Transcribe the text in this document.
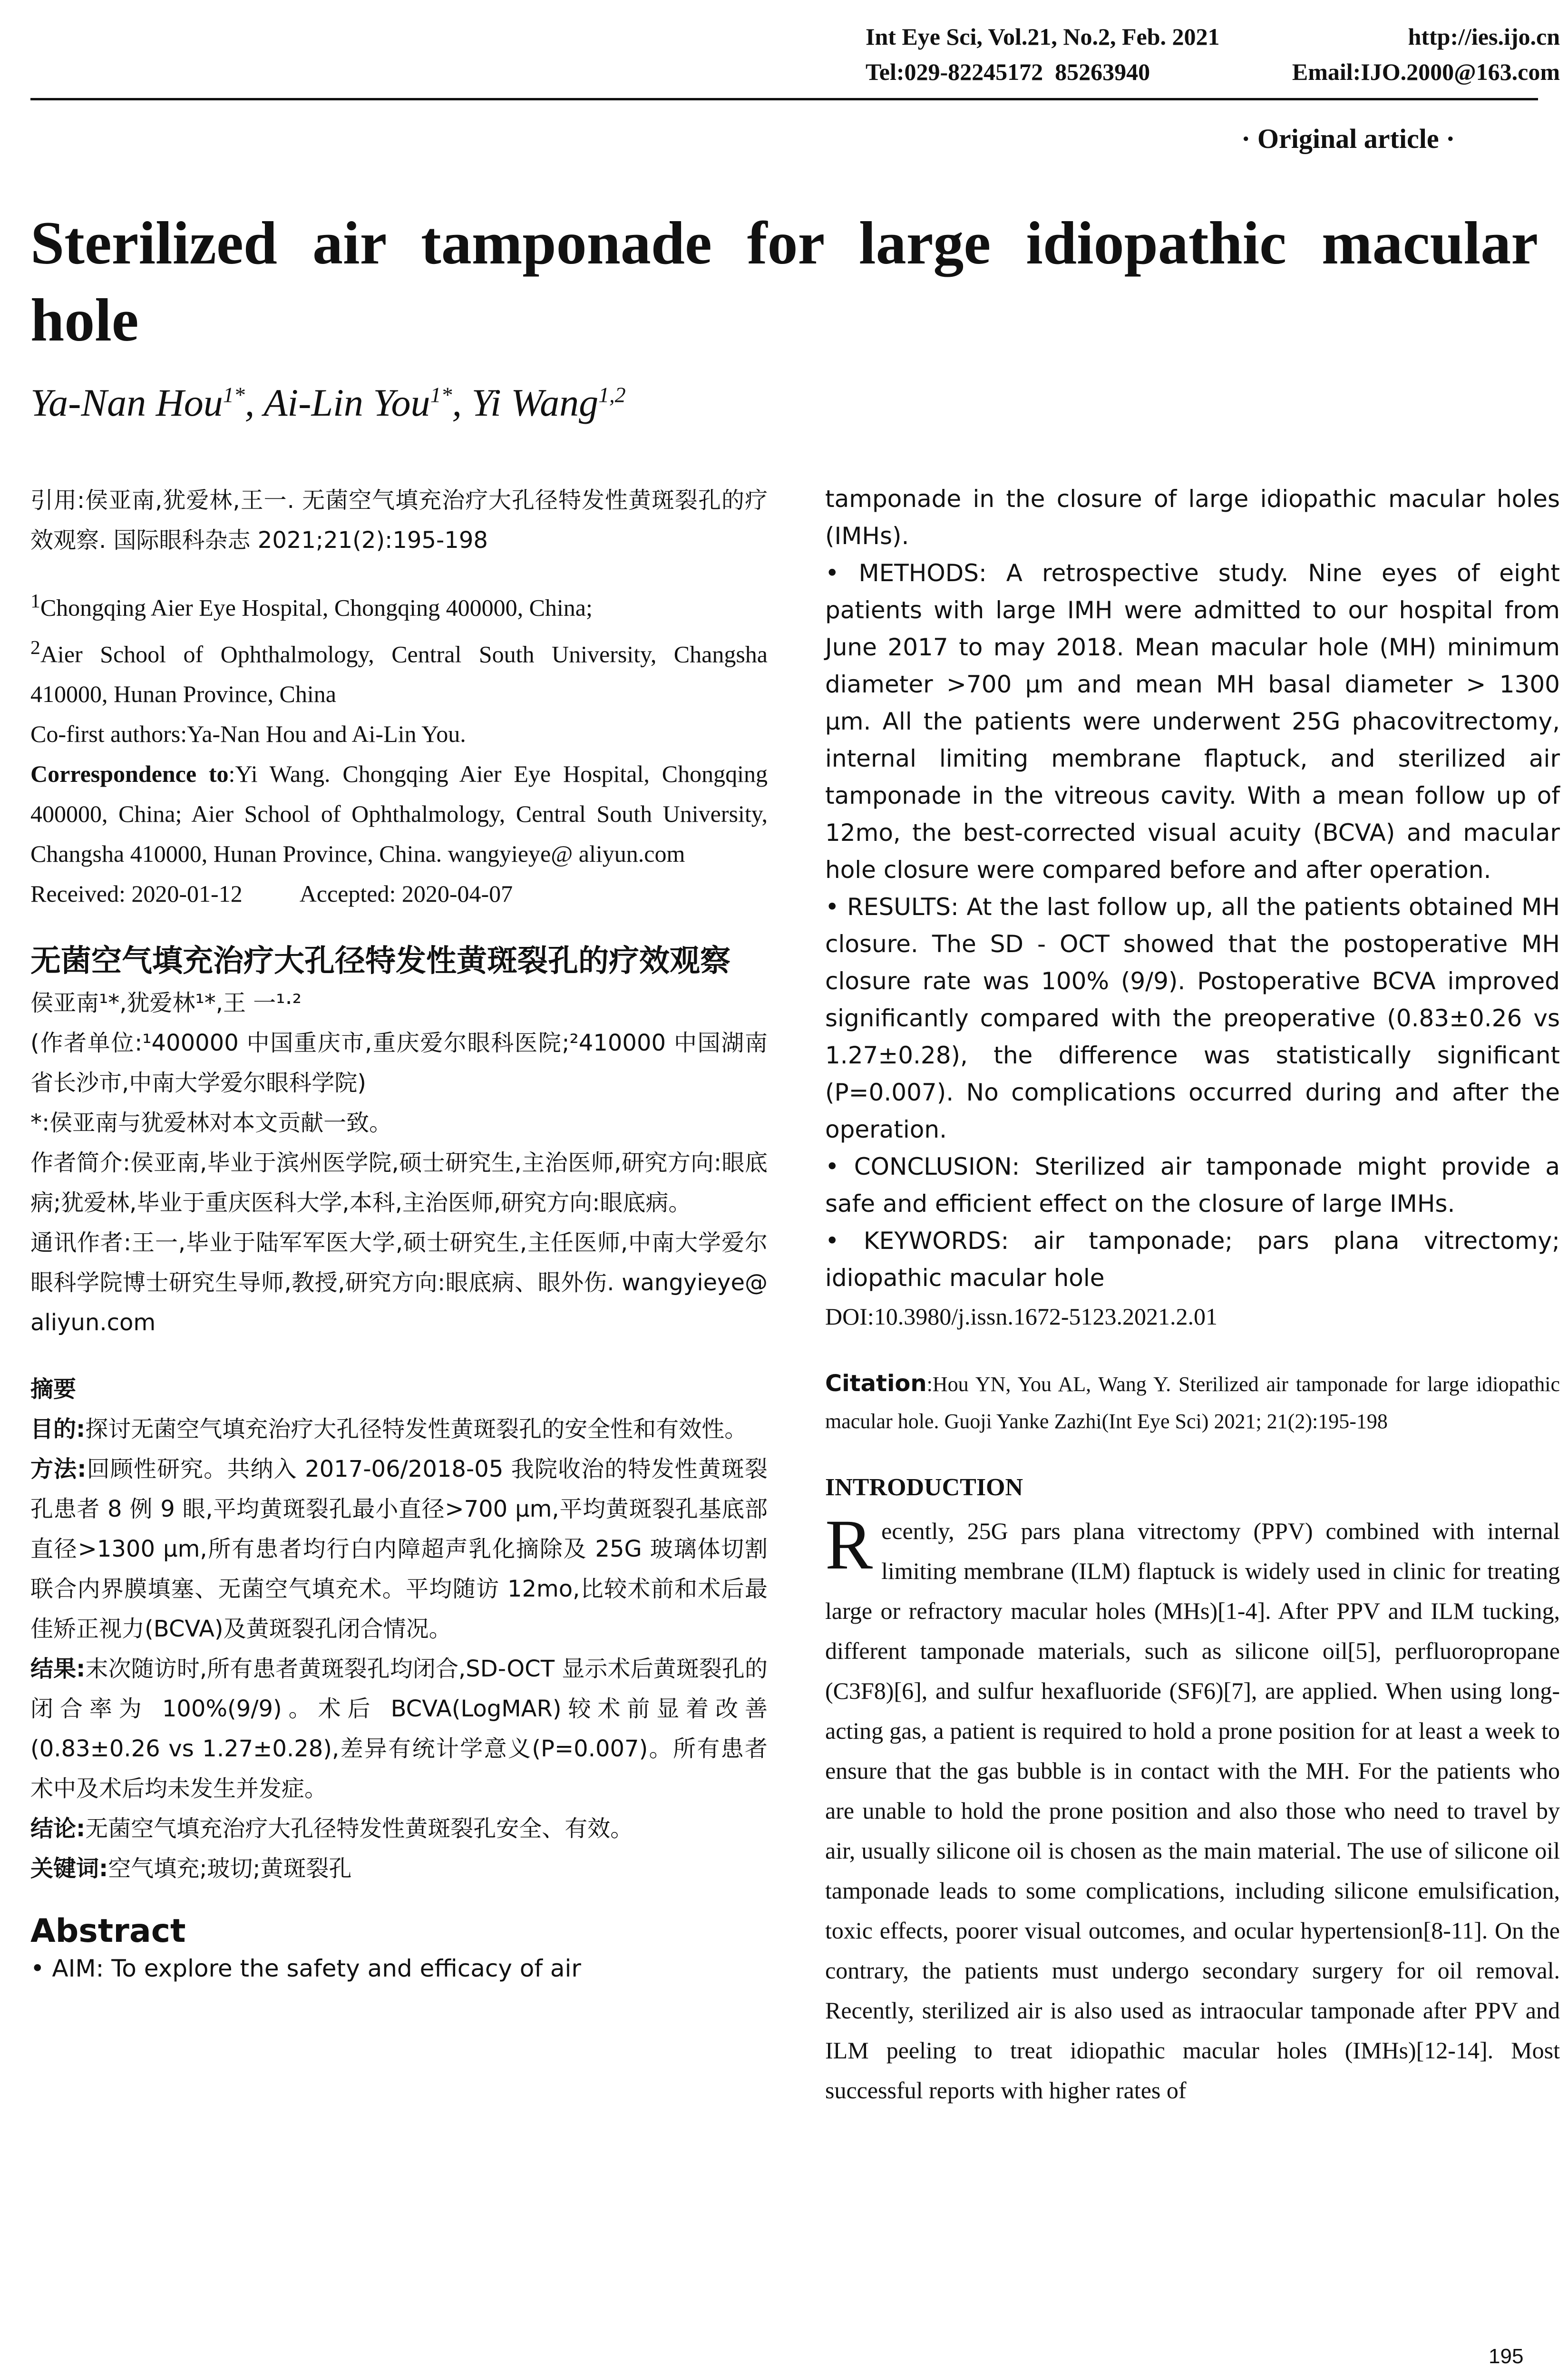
Int Eye Sci, Vol.21, No.2, Feb. 2021	http://ies.ijo.cn
Tel:029-82245172  85263940	Email:IJO.2000@163.com
· Original article ·
Sterilized air tamponade for large idiopathic macular hole
Ya-Nan Hou$^{1*}$, Ai-Lin You$^{1*}$, Yi Wang$^{1,2}$

引用:侯亚南,犹爱林,王一. 无菌空气填充治疗大孔径特发性黄斑裂孔的疗效观察. 国际眼科杂志 2021;21(2):195-198

$^1$Chongqing Aier Eye Hospital, Chongqing 400000, China;

$^2$Aier School of Ophthalmology, Central South University, Changsha 410000, Hunan Province, China

Co-first authors:Ya-Nan Hou and Ai-Lin You.

Correspondence to:Yi Wang. Chongqing Aier Eye Hospital, Chongqing 400000, China; Aier School of Ophthalmology, Central South University, Changsha 410000, Hunan Province, China. wangyieye@ aliyun.com

Received: 2020-01-12 Accepted: 2020-04-07

无菌空气填充治疗大孔径特发性黄斑裂孔的疗效观察

侯亚南¹*,犹爱林¹*,王 一¹·²

(作者单位:¹400000 中国重庆市,重庆爱尔眼科医院;²410000 中国湖南省长沙市,中南大学爱尔眼科学院)

*:侯亚南与犹爱林对本文贡献一致。

作者简介:侯亚南,毕业于滨州医学院,硕士研究生,主治医师,研究方向:眼底病;犹爱林,毕业于重庆医科大学,本科,主治医师,研究方向:眼底病。

通讯作者:王一,毕业于陆军军医大学,硕士研究生,主任医师,中南大学爱尔眼科学院博士研究生导师,教授,研究方向:眼底病、眼外伤. wangyieye@ aliyun.com

摘要

目的:探讨无菌空气填充治疗大孔径特发性黄斑裂孔的安全性和有效性。

方法:回顾性研究。共纳入 2017-06/2018-05 我院收治的特发性黄斑裂孔患者 8 例 9 眼,平均黄斑裂孔最小直径>700 μm,平均黄斑裂孔基底部直径>1300 μm,所有患者均行白内障超声乳化摘除及 25G 玻璃体切割联合内界膜填塞、无菌空气填充术。平均随访 12mo,比较术前和术后最佳矫正视力(BCVA)及黄斑裂孔闭合情况。

结果:末次随访时,所有患者黄斑裂孔均闭合,SD-OCT 显示术后黄斑裂孔的闭合率为 100%(9/9)。术后 BCVA(LogMAR)较术前显着改善(0.83±0.26 vs 1.27±0.28),差异有统计学意义(P=0.007)。所有患者术中及术后均未发生并发症。

结论:无菌空气填充治疗大孔径特发性黄斑裂孔安全、有效。

关键词:空气填充;玻切;黄斑裂孔

Abstract

• AIM: To explore the safety and efficacy of air

tamponade in the closure of large idiopathic macular holes (IMHs).

• METHODS: A retrospective study. Nine eyes of eight patients with large IMH were admitted to our hospital from June 2017 to may 2018. Mean macular hole (MH) minimum diameter >700 μm and mean MH basal diameter > 1300 μm. All the patients were underwent 25G phacovitrectomy, internal limiting membrane flaptuck, and sterilized air tamponade in the vitreous cavity. With a mean follow up of 12mo, the best-corrected visual acuity (BCVA) and macular hole closure were compared before and after operation.

• RESULTS: At the last follow up, all the patients obtained MH closure. The SD - OCT showed that the postoperative MH closure rate was 100% (9/9). Postoperative BCVA improved significantly compared with the preoperative (0.83±0.26 vs 1.27±0.28), the difference was statistically significant (P=0.007). No complications occurred during and after the operation.

• CONCLUSION: Sterilized air tamponade might provide a safe and efficient effect on the closure of large IMHs.

• KEYWORDS: air tamponade; pars plana vitrectomy; idiopathic macular hole

DOI:10.3980/j.issn.1672-5123.2021.2.01

Citation:Hou YN, You AL, Wang Y. Sterilized air tamponade for large idiopathic macular hole. Guoji Yanke Zazhi(Int Eye Sci) 2021; 21(2):195-198

INTRODUCTION

Recently, 25G pars plana vitrectomy (PPV) combined with internal limiting membrane (ILM) flaptuck is widely used in clinic for treating large or refractory macular holes (MHs)[1-4]. After PPV and ILM tucking, different tamponade materials, such as silicone oil[5], perfluoropropane (C3F8)[6], and sulfur hexafluoride (SF6)[7], are applied. When using long-acting gas, a patient is required to hold a prone position for at least a week to ensure that the gas bubble is in contact with the MH. For the patients who are unable to hold the prone position and also those who need to travel by air, usually silicone oil is chosen as the main material. The use of silicone oil tamponade leads to some complications, including silicone emulsification, toxic effects, poorer visual outcomes, and ocular hypertension[8-11]. On the contrary, the patients must undergo secondary surgery for oil removal. Recently, sterilized air is also used as intraocular tamponade after PPV and ILM peeling to treat idiopathic macular holes (IMHs)[12-14]. Most successful reports with higher rates of

195
